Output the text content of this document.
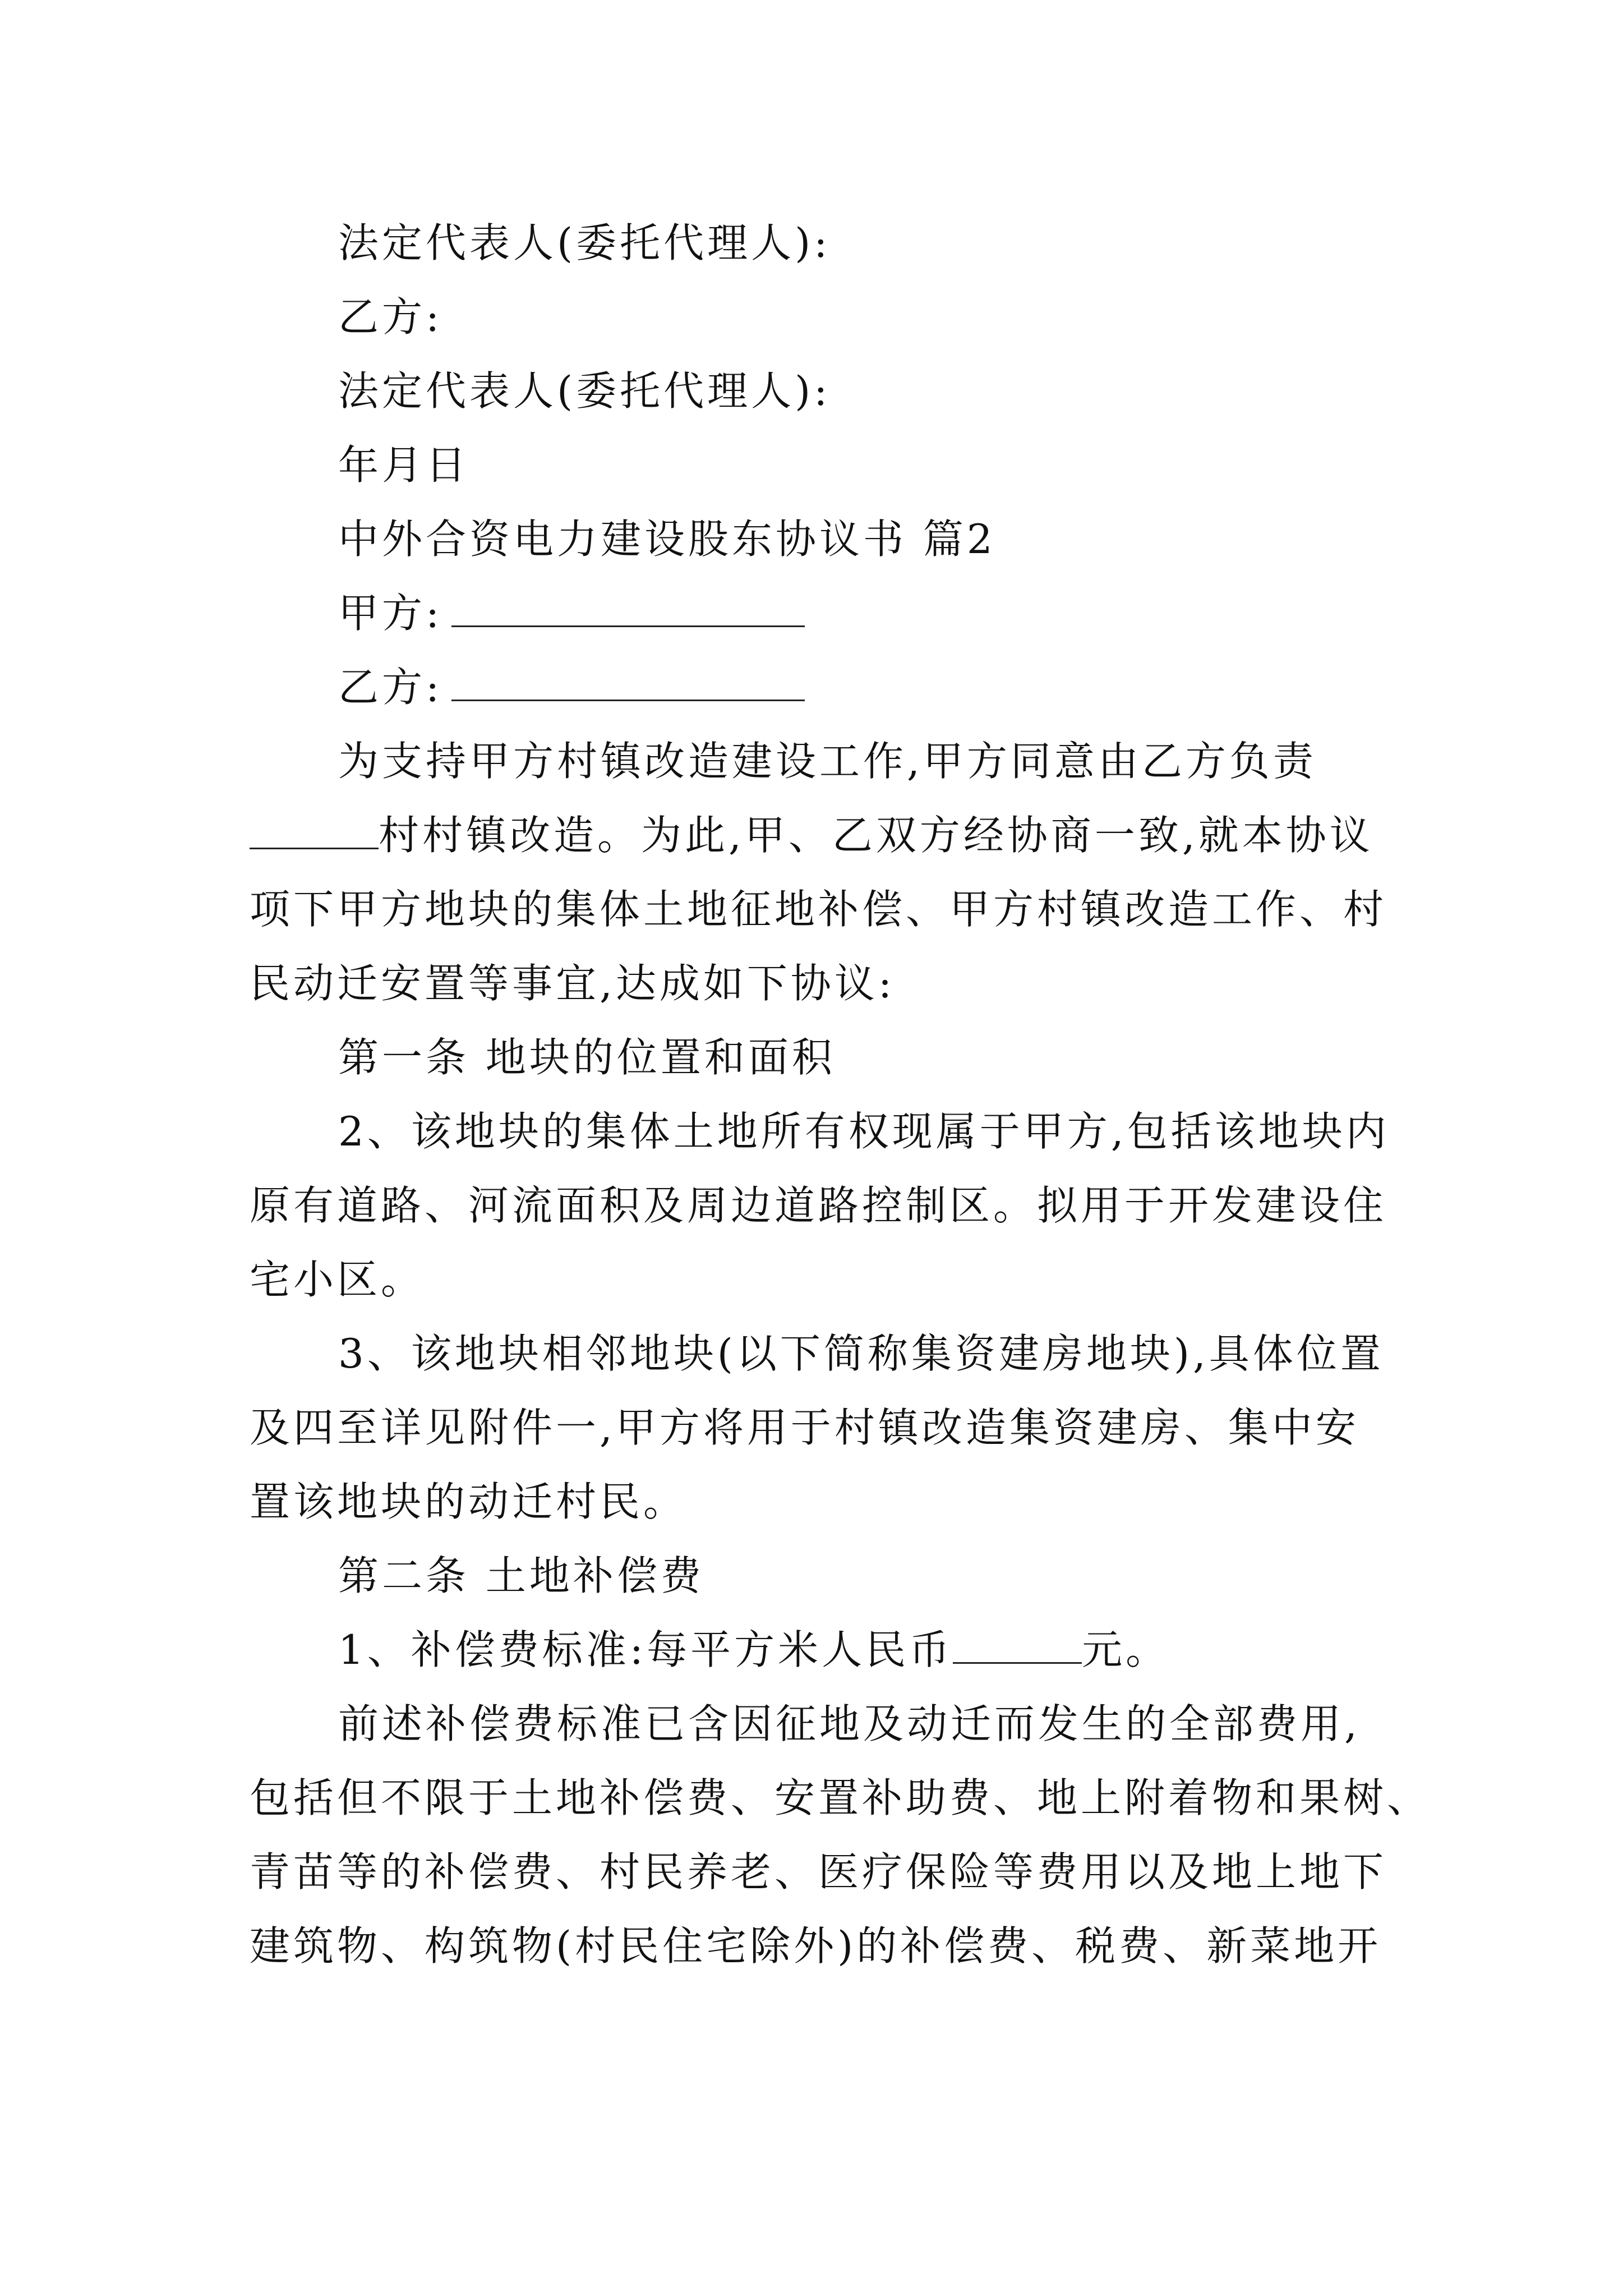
法定代表人(委托代理人):
乙方:
法定代表人(委托代理人):
年月日
中外合资电力建设股东协议书 篇2
甲方:
乙方:
为支持甲方村镇改造建设工作,甲方同意由乙方负责
村村镇改造。为此,甲、乙双方经协商一致,就本协议
项下甲方地块的集体土地征地补偿、甲方村镇改造工作、村
民动迁安置等事宜,达成如下协议:
第一条 地块的位置和面积
2、该地块的集体土地所有权现属于甲方,包括该地块内
原有道路、河流面积及周边道路控制区。拟用于开发建设住
宅小区。
3、该地块相邻地块(以下简称集资建房地块),具体位置
及四至详见附件一,甲方将用于村镇改造集资建房、集中安
置该地块的动迁村民。
第二条 土地补偿费
1、补偿费标准:每平方米人民币	元。
前述补偿费标准已含因征地及动迁而发生的全部费用,
包括但不限于土地补偿费、安置补助费、地上附着物和果树、
青苗等的补偿费、村民养老、医疗保险等费用以及地上地下
建筑物、构筑物(村民住宅除外)的补偿费、税费、新菜地开
